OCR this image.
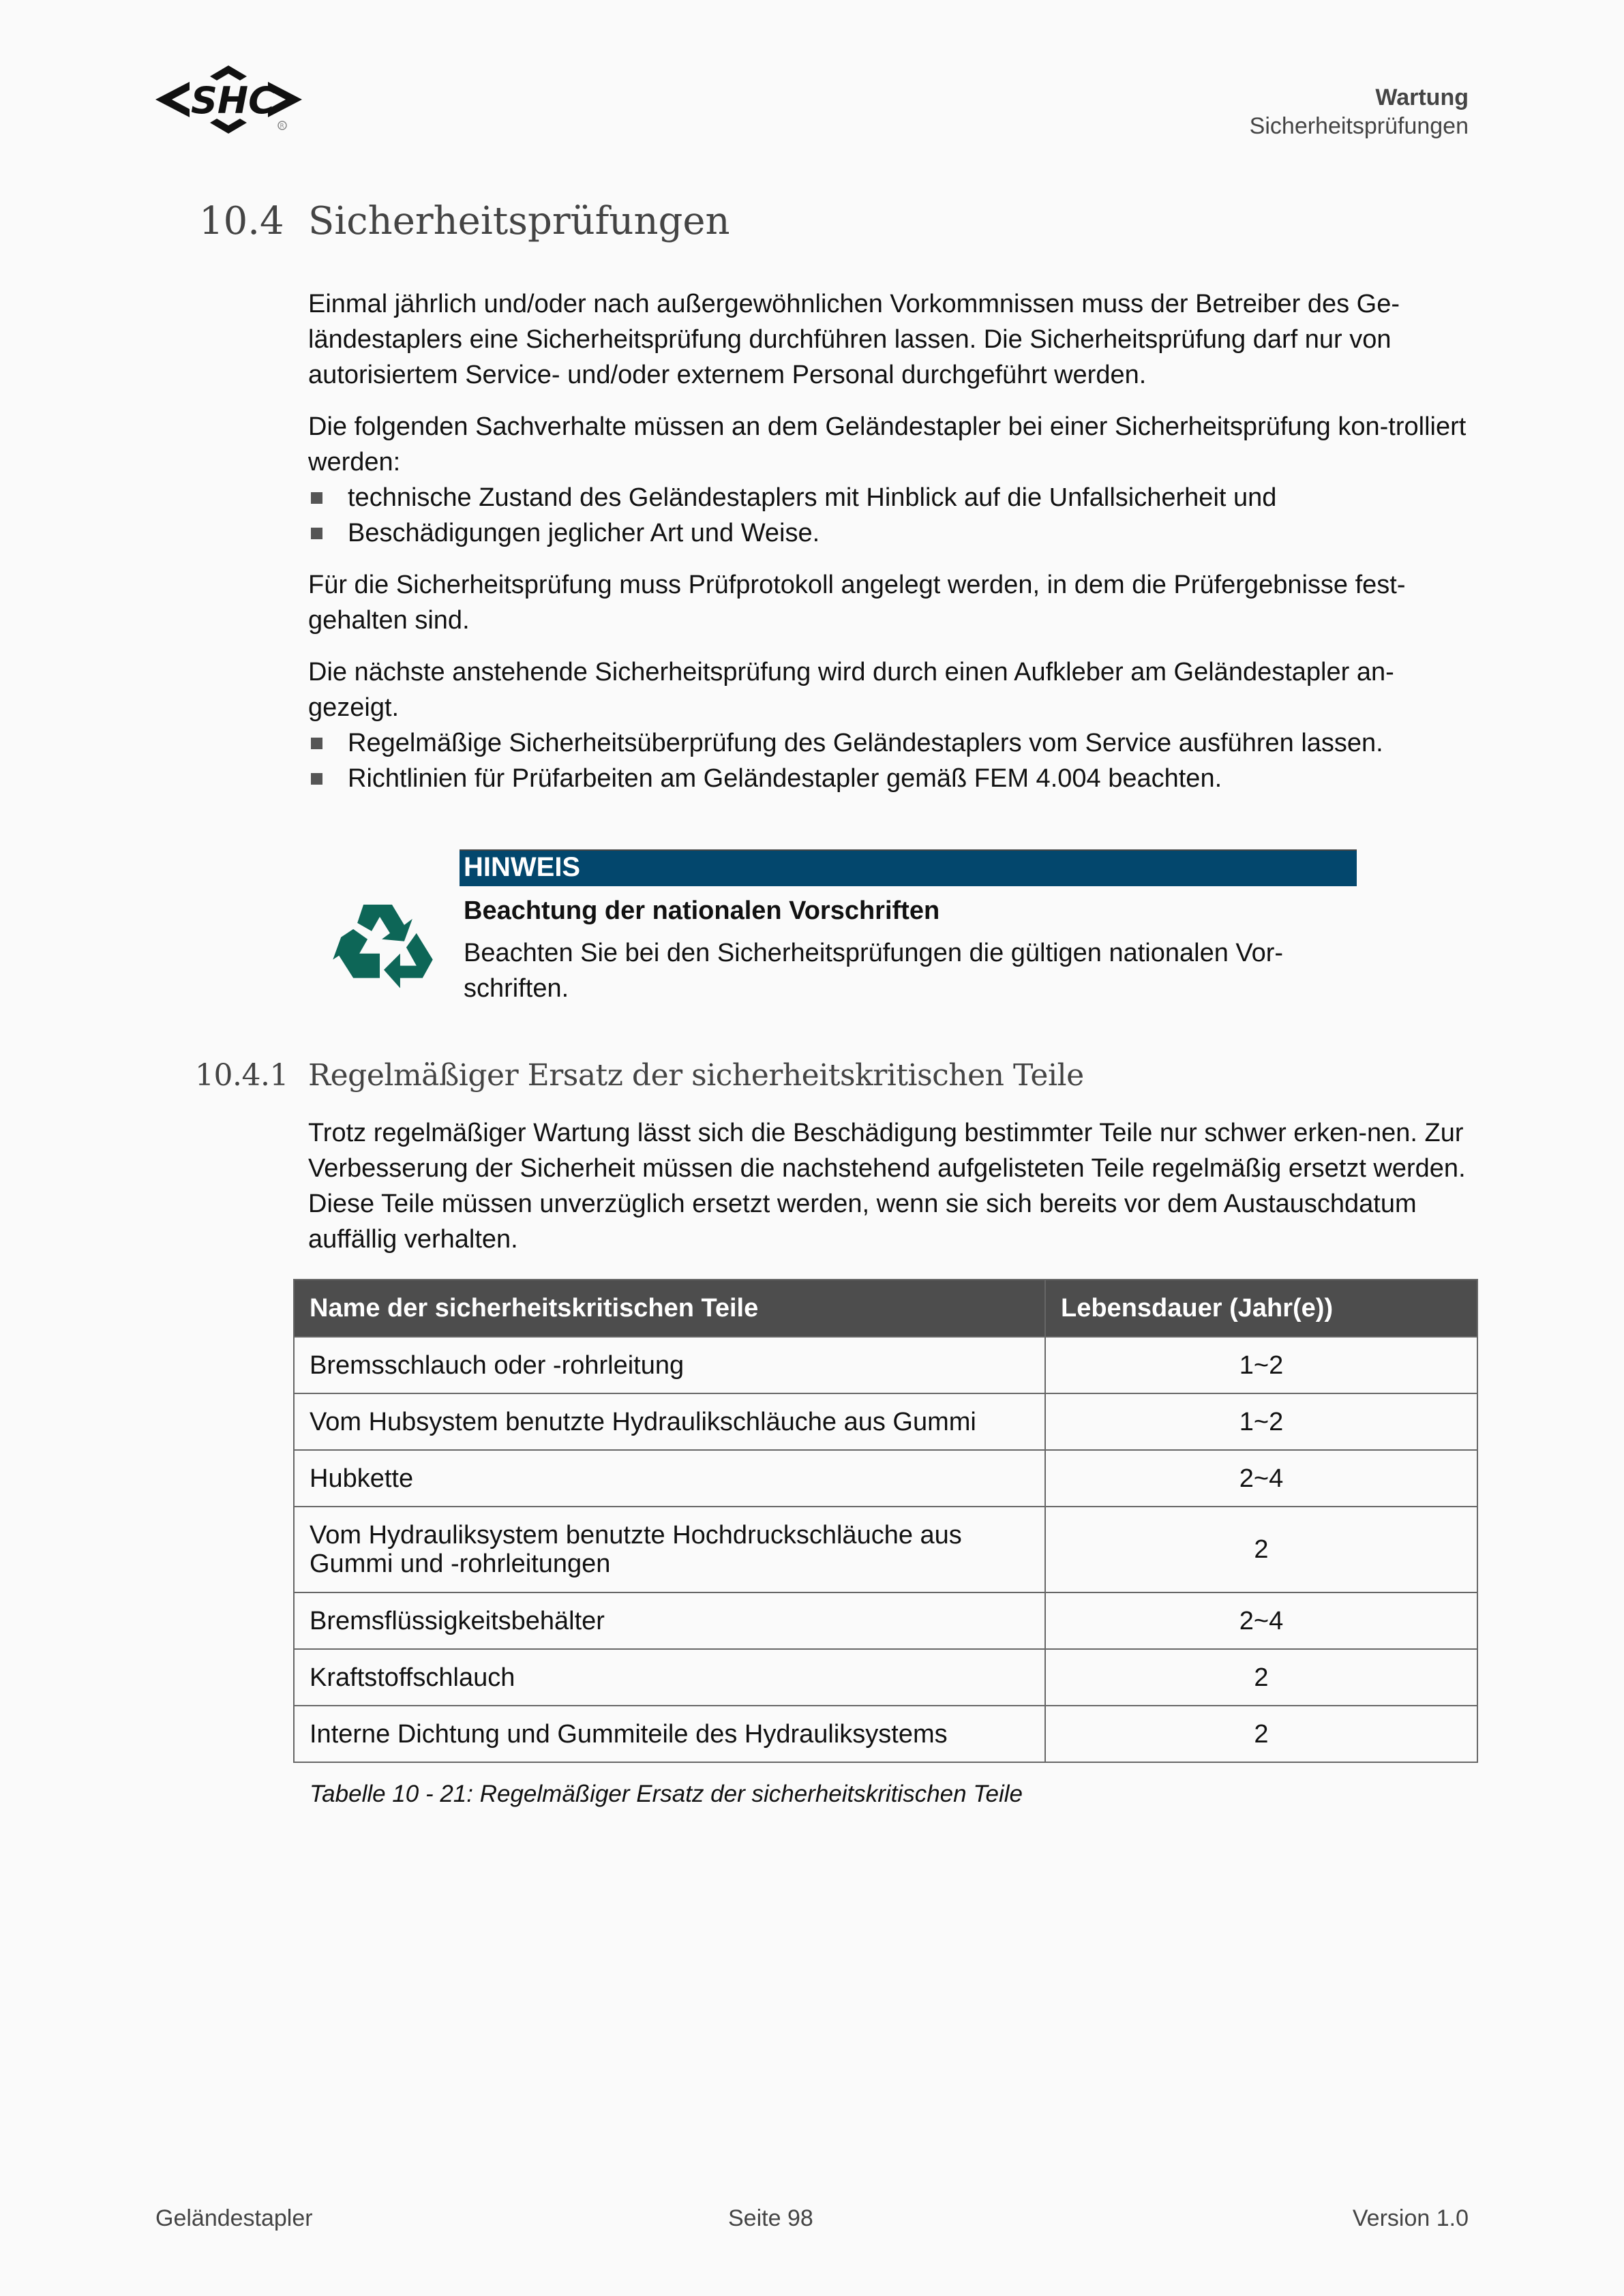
SHC
R
Wartung
Sicherheitsprüfungen
10.4 Sicherheitsprüfungen

Einmal jährlich und/oder nach außergewöhnlichen Vorkommnissen muss der Betreiber des Ge-ländestaplers eine Sicherheitsprüfung durchführen lassen. Die Sicherheitsprüfung darf nur von autorisiertem Service- und/oder externem Personal durchgeführt werden.

Die folgenden Sachverhalte müssen an dem Geländestapler bei einer Sicherheitsprüfung kon-trolliert werden:

technische Zustand des Geländestaplers mit Hinblick auf die Unfallsicherheit und
Beschädigungen jeglicher Art und Weise.

Für die Sicherheitsprüfung muss Prüfprotokoll angelegt werden, in dem die Prüfergebnisse fest-gehalten sind.

Die nächste anstehende Sicherheitsprüfung wird durch einen Aufkleber am Geländestapler an-gezeigt.

Regelmäßige Sicherheitsüberprüfung des Geländestaplers vom Service ausführen lassen.
Richtlinien für Prüfarbeiten am Geländestapler gemäß FEM 4.004 beachten.
HINWEIS
Beachtung der nationalen Vorschriften
Beachten Sie bei den Sicherheitsprüfungen die gültigen nationalen Vor-schriften.
10.4.1 Regelmäßiger Ersatz der sicherheitskritischen Teile

Trotz regelmäßiger Wartung lässt sich die Beschädigung bestimmter Teile nur schwer erken-nen. Zur Verbesserung der Sicherheit müssen die nachstehend aufgelisteten Teile regelmäßig ersetzt werden. Diese Teile müssen unverzüglich ersetzt werden, wenn sie sich bereits vor dem Austauschdatum auffällig verhalten.

Name der sicherheitskritischen Teile	Lebensdauer (Jahr(e))
Bremsschlauch oder -rohrleitung	1~2
Vom Hubsystem benutzte Hydraulikschläuche aus Gummi	1~2
Hubkette	2~4
Vom Hydrauliksystem benutzte Hochdruckschläuche aus Gummi und -rohrleitungen	2
Bremsflüssigkeitsbehälter	2~4
Kraftstoffschlauch	2
Interne Dichtung und Gummiteile des Hydrauliksystems	2
Tabelle 10 - 21: Regelmäßiger Ersatz der sicherheitskritischen Teile
Geländestapler	Seite 98	Version 1.0
